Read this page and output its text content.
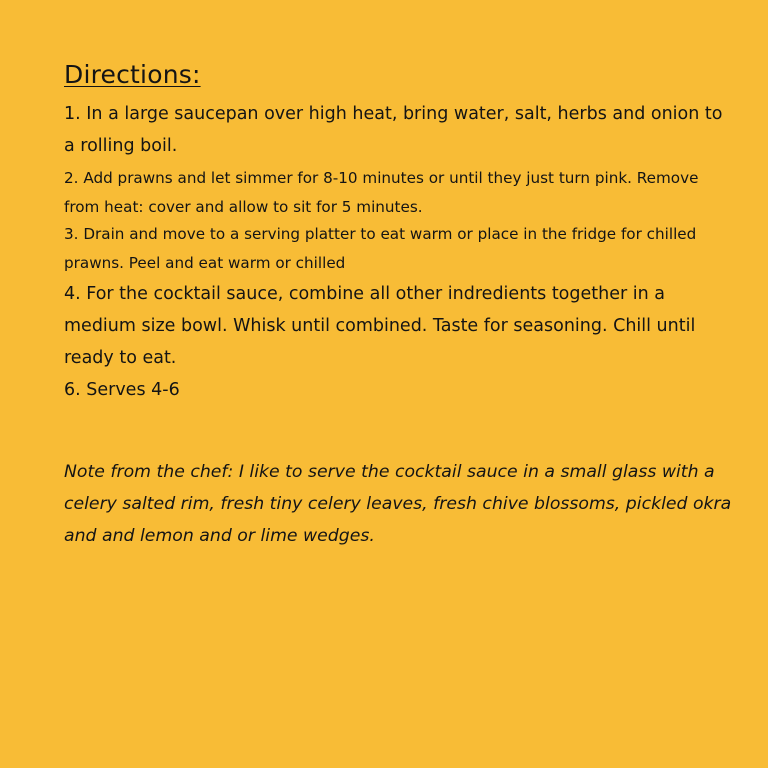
Directions:

1. In a large saucepan over high heat, bring water, salt, herbs and onion to a rolling boil.

2. Add prawns and let simmer for 8-10 minutes or until they just turn pink. Remove from heat: cover and allow to sit for 5 minutes.

3. Drain and move to a serving platter to eat warm or place in the fridge for chilled prawns. Peel and eat warm or chilled

4. For the cocktail sauce, combine all other indredients together in a medium size bowl. Whisk until combined. Taste for seasoning. Chill until ready to eat.

6. Serves 4-6

Note from the chef: I like to serve the cocktail sauce in a small glass with a celery salted rim, fresh tiny celery leaves, fresh chive blossoms, pickled okra and and lemon and or lime wedges.
